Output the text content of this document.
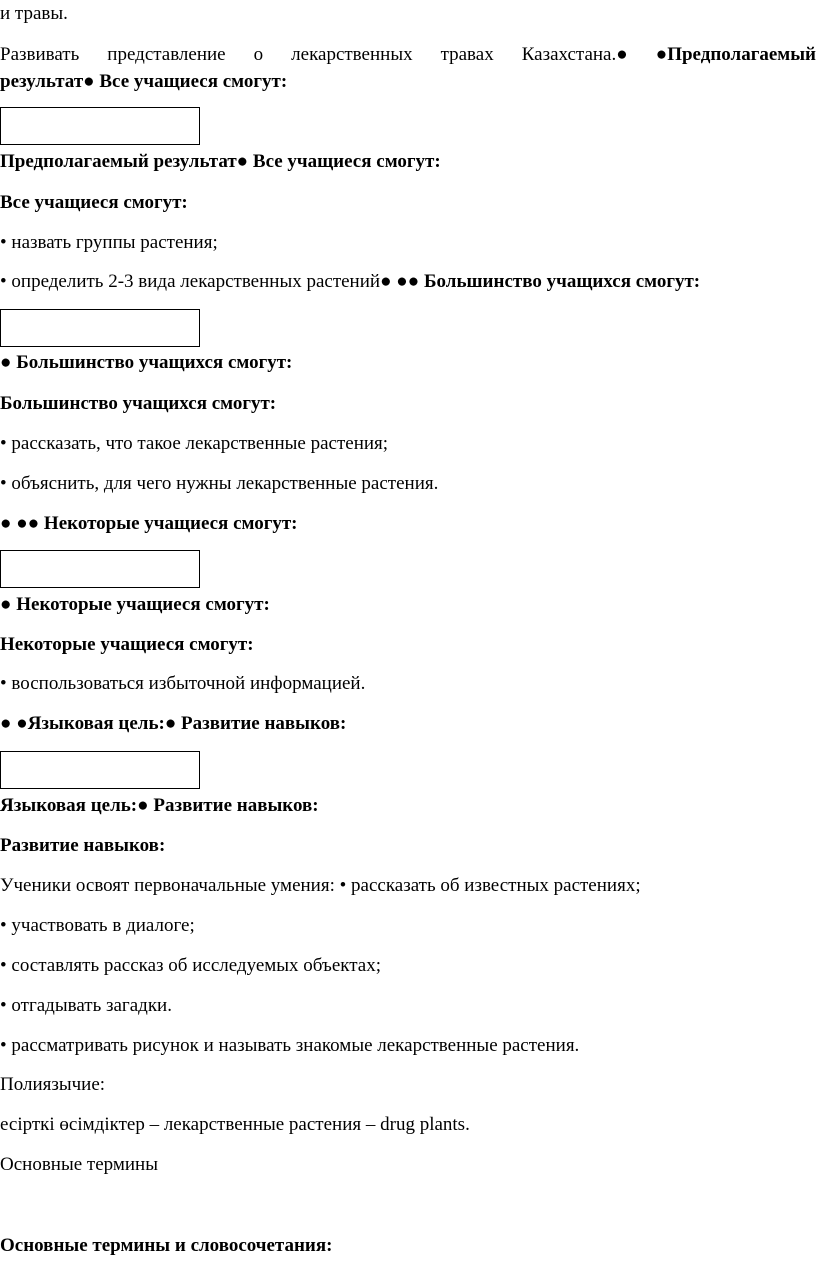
и травы.
Развивать представление о лекарственных травах Казахстана.● ●Предполагаемый
результат● Все учащиеся смогут:
Предполагаемый результат● Все учащиеся смогут:
Все учащиеся смогут:
• назвать группы растения;
• определить 2-3 вида лекарственных растений● ●● Большинство учащихся смогут:
● Большинство учащихся смогут:
Большинство учащихся смогут:
• рассказать, что такое лекарственные растения;
• объяснить, для чего нужны лекарственные растения.
● ●● Некоторые учащиеся смогут:
● Некоторые учащиеся смогут:
Некоторые учащиеся смогут:
• воспользоваться избыточной информацией.
● ●Языковая цель:● Развитие навыков:
Языковая цель:● Развитие навыков:
Развитие навыков:
Ученики освоят первоначальные умения: • рассказать об известных растениях;
• участвовать в диалоге;
• составлять рассказ об исследуемых объектах;
• отгадывать загадки.
• рассматривать рисунок и называть знакомые лекарственные растения.
Полиязычие:
есірткі өсімдіктер – лекарственные растения – drug plants.
Основные термины
Основные термины и словосочетания:
